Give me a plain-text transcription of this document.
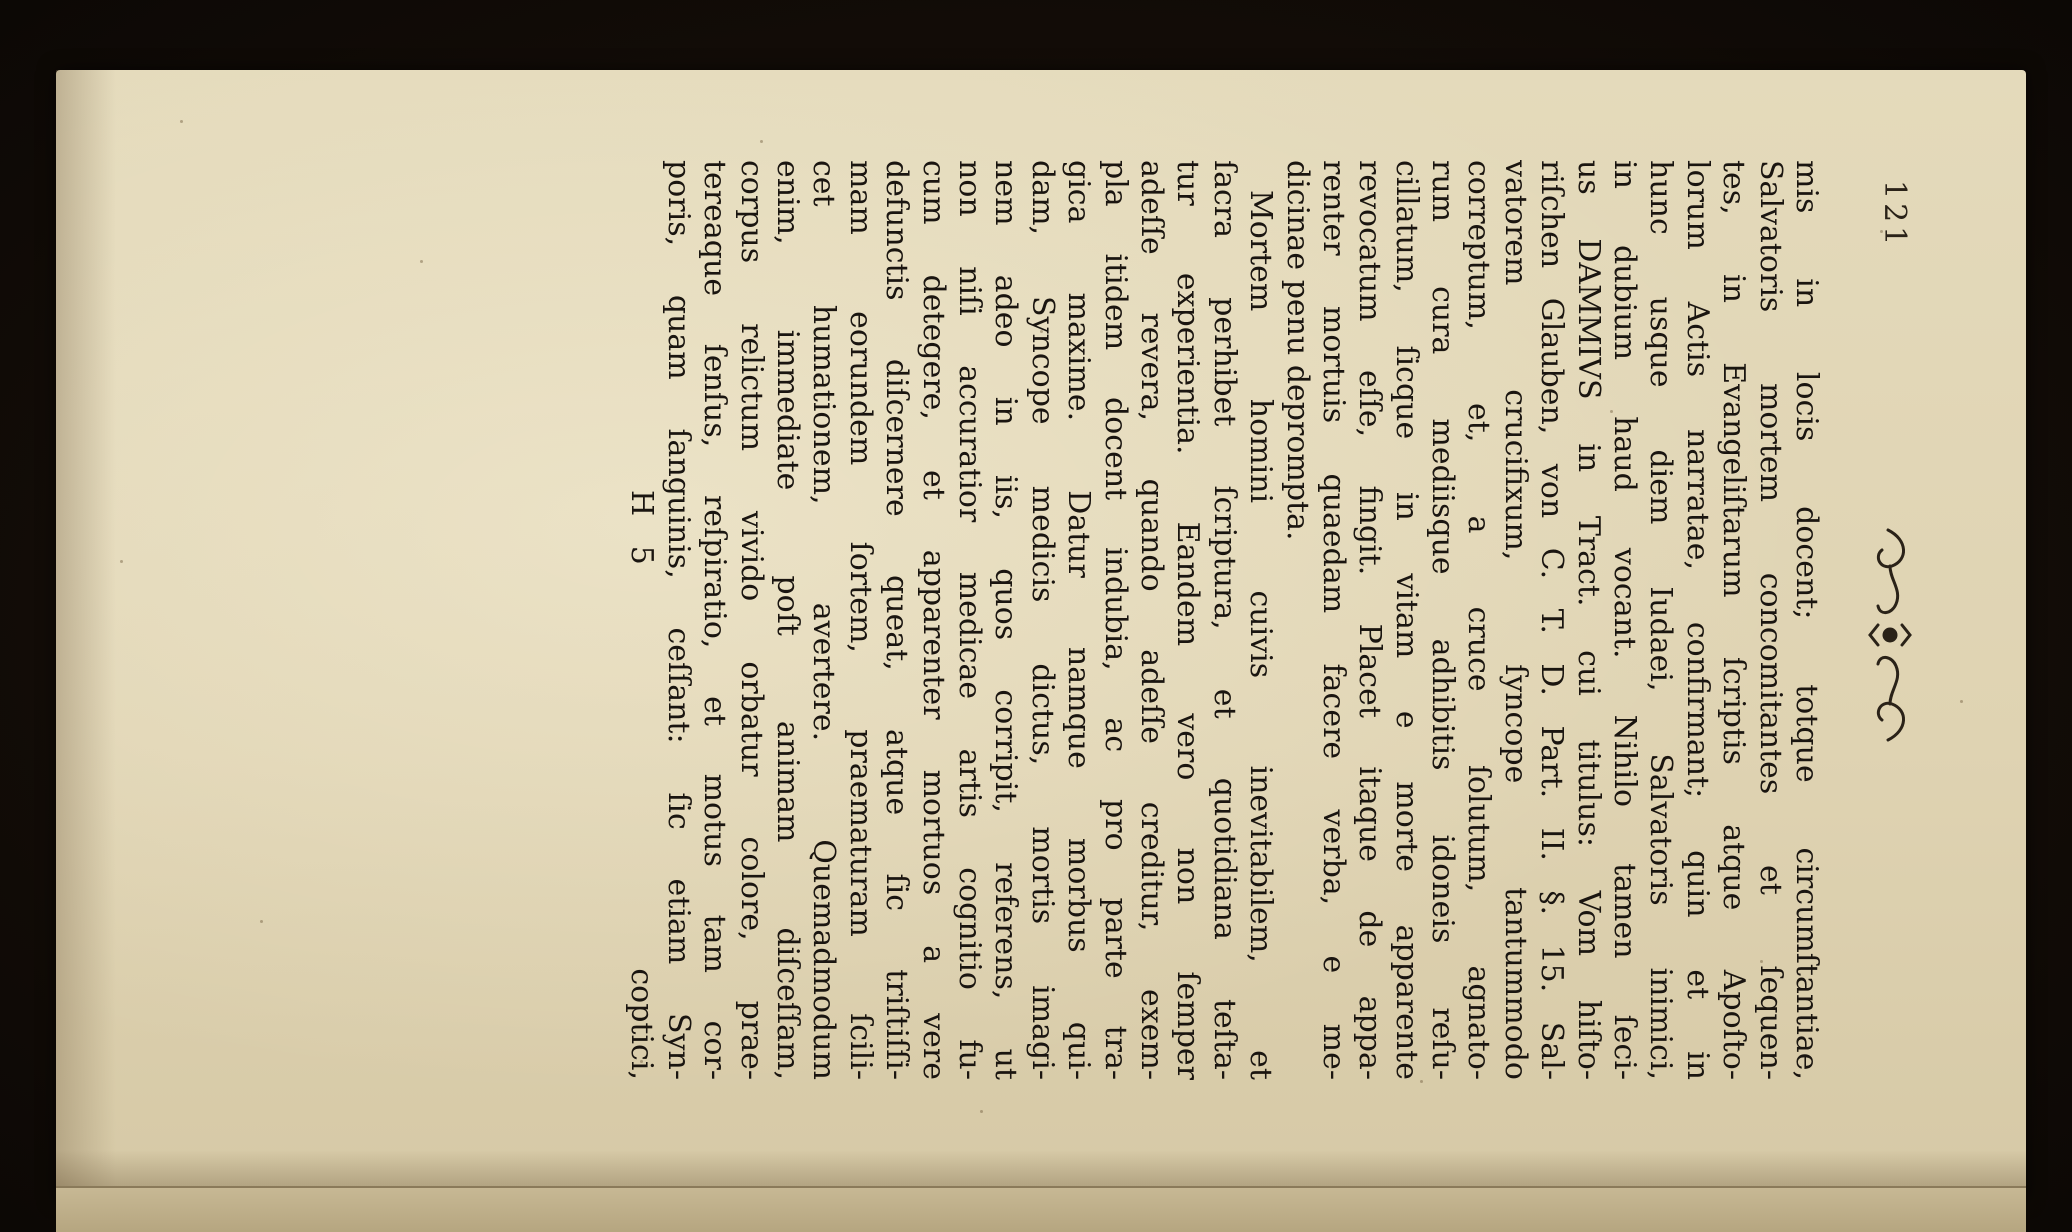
121
mis in locis docent; totque circumſtantiae,
Salvatoris mortem concomitantes et ſequen-
tes, in Evangeliſtarum ſcriptis atque Apoſto-
lorum Actis narratae, confirmant; quin et in
hunc usque diem Iudaei, Salvatoris inimici,
in dubium haud vocant. Nihilo tamen ſeci-
us DAMMIVS in Tract. cui titulus: Vom hiſto-
riſchen Glauben, von C. T. D. Part. II. §. 15. Sal-
vatorem crucifixum, ſyncope tantummodo
correptum, et, a cruce ſolutum, agnato-
rum cura mediisque adhibitis idoneis reſu-
cillatum, ſicque in vitam e morte apparente
revocatum eſſe, fingit. Placet itaque de appa-
renter mortuis quaedam facere verba, e me-
dicinae penu deprompta.
Mortem homini cuivis inevitabilem, et
ſacra perhibet ſcriptura, et quotidiana teſta-
tur experientia. Eandem vero non ſemper
adeſſe revera, quando adeſſe creditur, exem-
pla itidem docent indubia, ac pro parte tra-
gica maxime. Datur namque morbus qui-
dam, Syncope medicis dictus, mortis imagi-
nem adeo in iis, quos corripit, referens, ut
non niſi accuratior medicae artis cognitio fu-
cum detegere, et apparenter mortuos a vere
defunctis diſcernere queat, atque ſic triſtiſſi-
mam eorundem ſortem, praematuram ſcili-
cet humationem, avertere. Quemadmodum
enim, immediate poſt animam diſceſſam,
corpus relictum vivido orbatur colore, prae-
tereaque ſenſus, reſpiratio, et motus tam cor-
poris, quam ſanguinis, ceſſant: ſic etiam Syn-
H 5
coptici,
